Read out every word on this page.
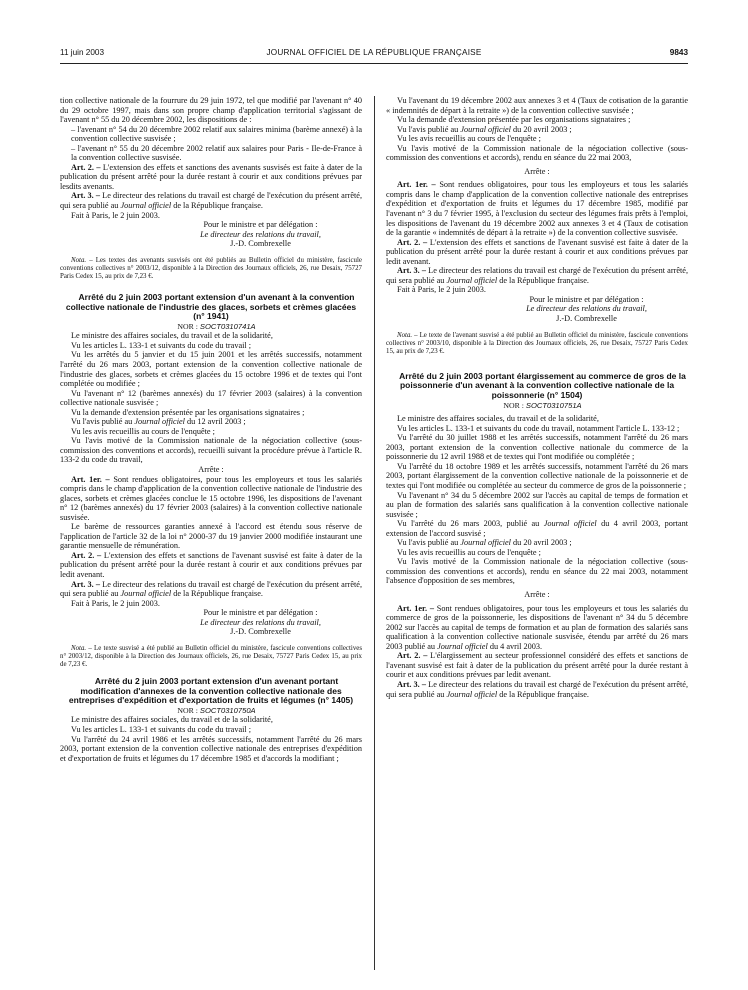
11 juin 2003	JOURNAL OFFICIEL DE LA RÉPUBLIQUE FRANÇAISE	9843

tion collective nationale de la fourrure du 29 juin 1972, tel que modifié par l'avenant n° 40 du 29 octobre 1997, mais dans son propre champ d'application territorial s'agissant de l'avenant n° 55 du 20 décembre 2002, les dispositions de :

– l'avenant n° 54 du 20 décembre 2002 relatif aux salaires minima (barème annexé) à la convention collective susvisée ;

– l'avenant n° 55 du 20 décembre 2002 relatif aux salaires pour Paris - Ile-de-France à la convention collective susvisée.

Art. 2. – L'extension des effets et sanctions des avenants susvisés est faite à dater de la publication du présent arrêté pour la durée restant à courir et aux conditions prévues par lesdits avenants.

Art. 3. – Le directeur des relations du travail est chargé de l'exécution du présent arrêté, qui sera publié au Journal officiel de la République française.

Fait à Paris, le 2 juin 2003.

Pour le ministre et par délégation :

Le directeur des relations du travail,

J.-D. Combrexelle

Nota. – Les textes des avenants susvisés ont été publiés au Bulletin officiel du ministère, fascicule conventions collectives n° 2003/12, disponible à la Direction des Journaux officiels, 26, rue Desaix, 75727 Paris Cedex 15, au prix de 7,23 €.

Arrêté du 2 juin 2003 portant extension d'un avenant à la convention collective nationale de l'industrie des glaces, sorbets et crèmes glacées (n° 1941)

NOR : SOCT0310741A

Le ministre des affaires sociales, du travail et de la solidarité,

Vu les articles L. 133-1 et suivants du code du travail ;

Vu les arrêtés du 5 janvier et du 15 juin 2001 et les arrêtés successifs, notamment l'arrêté du 26 mars 2003, portant extension de la convention collective nationale de l'industrie des glaces, sorbets et crèmes glacées du 15 octobre 1996 et de textes qui l'ont complétée ou modifiée ;

Vu l'avenant n° 12 (barèmes annexés) du 17 février 2003 (salaires) à la convention collective nationale susvisée ;

Vu la demande d'extension présentée par les organisations signataires ;

Vu l'avis publié au Journal officiel du 12 avril 2003 ;

Vu les avis recueillis au cours de l'enquête ;

Vu l'avis motivé de la Commission nationale de la négociation collective (sous-commission des conventions et accords), recueilli suivant la procédure prévue à l'article R. 133-2 du code du travail,

Arrête :

Art. 1er. – Sont rendues obligatoires, pour tous les employeurs et tous les salariés compris dans le champ d'application de la convention collective nationale de l'industrie des glaces, sorbets et crèmes glacées conclue le 15 octobre 1996, les dispositions de l'avenant n° 12 (barèmes annexés) du 17 février 2003 (salaires) à la convention collective nationale susvisée.

Le barème de ressources garanties annexé à l'accord est étendu sous réserve de l'application de l'article 32 de la loi n° 2000-37 du 19 janvier 2000 modifiée instaurant une garantie mensuelle de rémunération.

Art. 2. – L'extension des effets et sanctions de l'avenant susvisé est faite à dater de la publication du présent arrêté pour la durée restant à courir et aux conditions prévues par ledit avenant.

Art. 3. – Le directeur des relations du travail est chargé de l'exécution du présent arrêté, qui sera publié au Journal officiel de la République française.

Fait à Paris, le 2 juin 2003.

Pour le ministre et par délégation :

Le directeur des relations du travail,

J.-D. Combrexelle

Nota. – Le texte susvisé a été publié au Bulletin officiel du ministère, fascicule conventions collectives n° 2003/12, disponible à la Direction des Journaux officiels, 26, rue Desaix, 75727 Paris Cedex 15, au prix de 7,23 €.

Arrêté du 2 juin 2003 portant extension d'un avenant portant modification d'annexes de la convention collective nationale des entreprises d'expédition et d'exportation de fruits et légumes (n° 1405)

NOR : SOCT0310750A

Le ministre des affaires sociales, du travail et de la solidarité,

Vu les articles L. 133-1 et suivants du code du travail ;

Vu l'arrêté du 24 avril 1986 et les arrêtés successifs, notamment l'arrêté du 26 mars 2003, portant extension de la convention collective nationale des entreprises d'expédition et d'exportation de fruits et légumes du 17 décembre 1985 et d'accords la modifiant ;

Vu l'avenant du 19 décembre 2002 aux annexes 3 et 4 (Taux de cotisation de la garantie « indemnités de départ à la retraite ») de la convention collective susvisée ;

Vu la demande d'extension présentée par les organisations signataires ;

Vu l'avis publié au Journal officiel du 20 avril 2003 ;

Vu les avis recueillis au cours de l'enquête ;

Vu l'avis motivé de la Commission nationale de la négociation collective (sous-commission des conventions et accords), rendu en séance du 22 mai 2003,

Arrête :

Art. 1er. – Sont rendues obligatoires, pour tous les employeurs et tous les salariés compris dans le champ d'application de la convention collective nationale des entreprises d'expédition et d'exportation de fruits et légumes du 17 décembre 1985, modifié par l'avenant n° 3 du 7 février 1995, à l'exclusion du secteur des légumes frais prêts à l'emploi, les dispositions de l'avenant du 19 décembre 2002 aux annexes 3 et 4 (Taux de cotisation de la garantie « indemnités de départ à la retraite ») de la convention collective susvisée.

Art. 2. – L'extension des effets et sanctions de l'avenant susvisé est faite à dater de la publication du présent arrêté pour la durée restant à courir et aux conditions prévues par ledit avenant.

Art. 3. – Le directeur des relations du travail est chargé de l'exécution du présent arrêté, qui sera publié au Journal officiel de la République française.

Fait à Paris, le 2 juin 2003.

Pour le ministre et par délégation :

Le directeur des relations du travail,

J.-D. Combrexelle

Nota. – Le texte de l'avenant susvisé a été publié au Bulletin officiel du ministère, fascicule conventions collectives n° 2003/10, disponible à la Direction des Journaux officiels, 26, rue Desaix, 75727 Paris Cedex 15, au prix de 7,23 €.

Arrêté du 2 juin 2003 portant élargissement au commerce de gros de la poissonnerie d'un avenant à la convention collective nationale de la poissonnerie (n° 1504)

NOR : SOCT0310751A

Le ministre des affaires sociales, du travail et de la solidarité,

Vu les articles L. 133-1 et suivants du code du travail, notamment l'article L. 133-12 ;

Vu l'arrêté du 30 juillet 1988 et les arrêtés successifs, notamment l'arrêté du 26 mars 2003, portant extension de la convention collective nationale du commerce de la poissonnerie du 12 avril 1988 et de textes qui l'ont modifiée ou complétée ;

Vu l'arrêté du 18 octobre 1989 et les arrêtés successifs, notamment l'arrêté du 26 mars 2003, portant élargissement de la convention collective nationale de la poissonnerie et de textes qui l'ont modifiée ou complétée au secteur du commerce de gros de la poissonnerie ;

Vu l'avenant n° 34 du 5 décembre 2002 sur l'accès au capital de temps de formation et au plan de formation des salariés sans qualification à la convention collective nationale susvisée ;

Vu l'arrêté du 26 mars 2003, publié au Journal officiel du 4 avril 2003, portant extension de l'accord susvisé ;

Vu l'avis publié au Journal officiel du 20 avril 2003 ;

Vu les avis recueillis au cours de l'enquête ;

Vu l'avis motivé de la Commission nationale de la négociation collective (sous-commission des conventions et accords), rendu en séance du 22 mai 2003, notamment l'absence d'opposition de ses membres,

Arrête :

Art. 1er. – Sont rendues obligatoires, pour tous les employeurs et tous les salariés du commerce de gros de la poissonnerie, les dispositions de l'avenant n° 34 du 5 décembre 2002 sur l'accès au capital de temps de formation et au plan de formation des salariés sans qualification à la convention collective nationale susvisée, étendu par arrêté du 26 mars 2003 publié au Journal officiel du 4 avril 2003.

Art. 2. – L'élargissement au secteur professionnel considéré des effets et sanctions de l'avenant susvisé est fait à dater de la publication du présent arrêté pour la durée restant à courir et aux conditions prévues par ledit avenant.

Art. 3. – Le directeur des relations du travail est chargé de l'exécution du présent arrêté, qui sera publié au Journal officiel de la République française.
